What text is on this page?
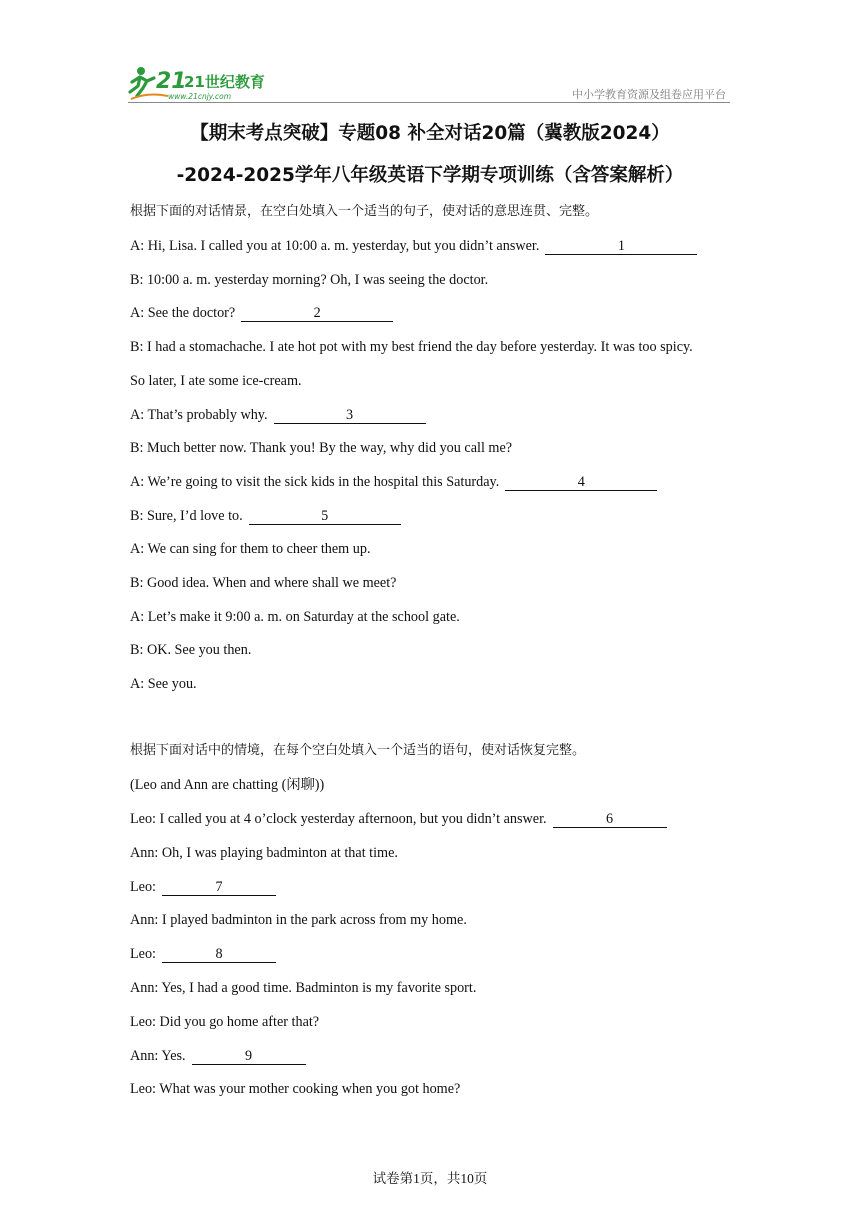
21
21世纪教育
www.21cnjy.com	中小学教育资源及组卷应用平台
【期末考点突破】专题08 补全对话20篇（冀教版2024）
-2024-2025学年八年级英语下学期专项训练（含答案解析）
根据下面的对话情景，在空白处填入一个适当的句子，使对话的意思连贯、完整。
A: Hi, Lisa. I called you at 10:00 a. m. yesterday, but you didn’t answer.	1
B: 10:00 a. m. yesterday morning? Oh, I was seeing the doctor.
A: See the doctor?	2
B: I had a stomachache. I ate hot pot with my best friend the day before yesterday. It was too spicy.
So later, I ate some ice-cream.
A: That’s probably why.	3
B: Much better now. Thank you! By the way, why did you call me?
A: We’re going to visit the sick kids in the hospital this Saturday.	4
B: Sure, I’d love to.	5
A: We can sing for them to cheer them up.
B: Good idea. When and where shall we meet?
A: Let’s make it 9:00 a. m. on Saturday at the school gate.
B: OK. See you then.
A: See you.
根据下面对话中的情境，在每个空白处填入一个适当的语句，使对话恢复完整。
(Leo and Ann are chatting (闲聊))
Leo: I called you at 4 o’clock yesterday afternoon, but you didn’t answer.	6
Ann: Oh, I was playing badminton at that time.
Leo:	7
Ann: I played badminton in the park across from my home.
Leo:	8
Ann: Yes, I had a good time. Badminton is my favorite sport.
Leo: Did you go home after that?
Ann: Yes.	9
Leo: What was your mother cooking when you got home?
试卷第1页，共10页
